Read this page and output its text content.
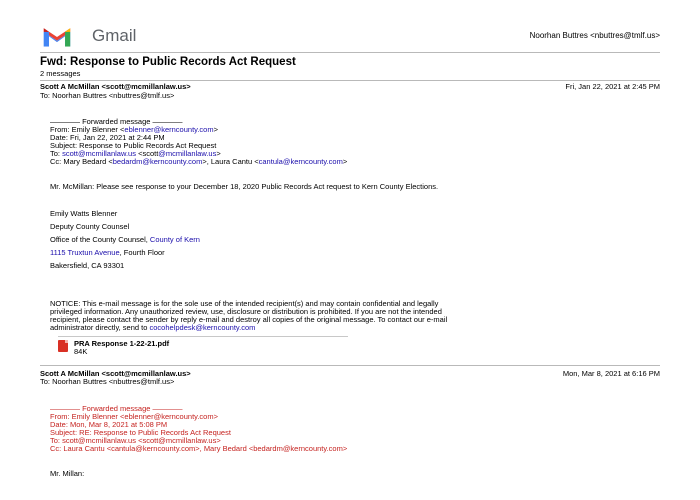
Gmail	Noorhan Buttres <nbuttres@tmlf.us>
Fwd: Response to Public Records Act Request
2 messages
Scott A McMillan <scott@mcmillanlaw.us>	Fri, Jan 22, 2021 at 2:45 PM
To: Noorhan Buttres <nbuttres@tmlf.us>
———— Forwarded message ————
From: Emily Blenner <eblenner@kerncounty.com>
Date: Fri, Jan 22, 2021 at 2:44 PM
Subject: Response to Public Records Act Request
To: scott@mcmillanlaw.us <scott@mcmillanlaw.us>
Cc: Mary Bedard <bedardm@kerncounty.com>, Laura Cantu <cantula@kerncounty.com>
Mr. McMillan: Please see response to your December 18, 2020 Public Records Act request to Kern County Elections.
Emily Watts Blenner
Deputy County Counsel
Office of the County Counsel, County of Kern
1115 Truxtun Avenue, Fourth Floor
Bakersfield, CA 93301
NOTICE: This e-mail message is for the sole use of the intended recipient(s) and may contain confidential and legally
privileged information. Any unauthorized review, use, disclosure or distribution is prohibited. If you are not the intended
recipient, please contact the sender by reply e-mail and destroy all copies of the original message. To contact our e-mail
administrator directly, send to cocohelpdesk@kerncounty.com
PRA Response 1-22-21.pdf
84K
Scott A McMillan <scott@mcmillanlaw.us>	Mon, Mar 8, 2021 at 6:16 PM
To: Noorhan Buttres <nbuttres@tmlf.us>
———— Forwarded message ————
From: Emily Blenner <eblenner@kerncounty.com>
Date: Mon, Mar 8, 2021 at 5:08 PM
Subject: RE: Response to Public Records Act Request
To: scott@mcmillanlaw.us <scott@mcmillanlaw.us>
Cc: Laura Cantu <cantula@kerncounty.com>, Mary Bedard <bedardm@kerncounty.com>
Mr. Millan:
